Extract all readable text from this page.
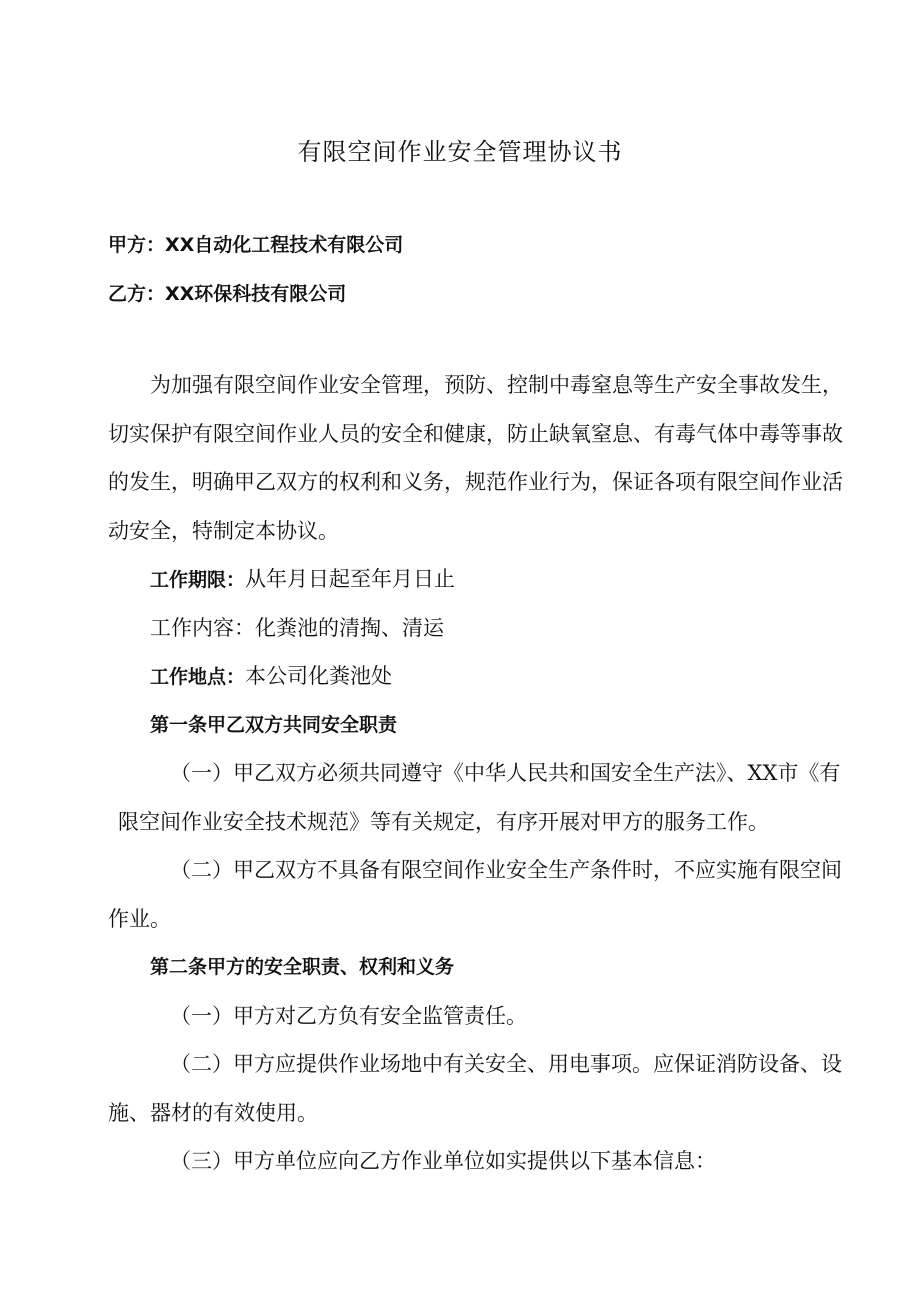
有限空间作业安全管理协议书
甲方：XX自动化工程技术有限公司
乙方：XX环保科技有限公司
为加强有限空间作业安全管理，预防、控制中毒窒息等生产安全事故发生，
切实保护有限空间作业人员的安全和健康，防止缺氧窒息、有毒气体中毒等事故
的发生，明确甲乙双方的权利和义务，规范作业行为，保证各项有限空间作业活
动安全，特制定本协议。
工作期限：从年月日起至年月日止
工作内容：化粪池的清掏、清运
工作地点：本公司化粪池处
第一条甲乙双方共同安全职责
（一）甲乙双方必须共同遵守《中华人民共和国安全生产法》、XX市《有
限空间作业安全技术规范》等有关规定，有序开展对甲方的服务工作。
（二）甲乙双方不具备有限空间作业安全生产条件时，不应实施有限空间
作业。
第二条甲方的安全职责、权利和义务
（一）甲方对乙方负有安全监管责任。
（二）甲方应提供作业场地中有关安全、用电事项。应保证消防设备、设
施、器材的有效使用。
（三）甲方单位应向乙方作业单位如实提供以下基本信息：
